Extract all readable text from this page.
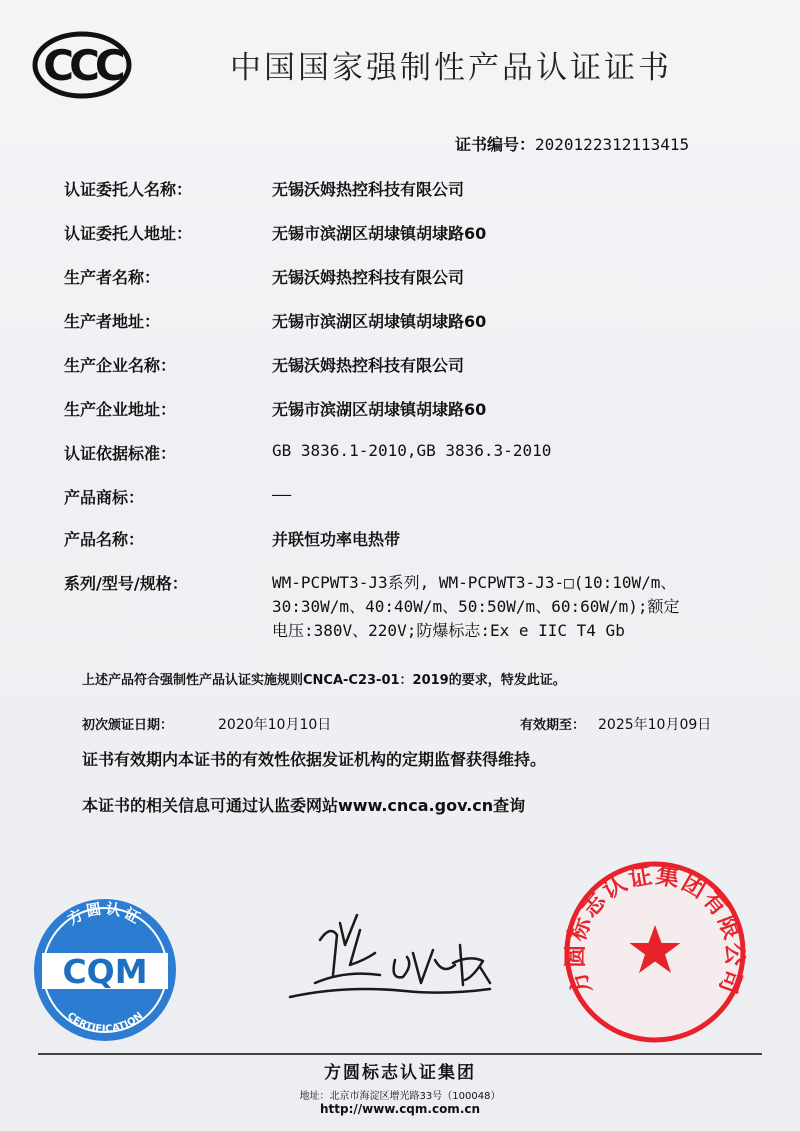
CCC	中国国家强制性产品认证证书
证书编号：2020122312113415
认证委托人名称：	无锡沃姆热控科技有限公司
认证委托人地址：	无锡市滨湖区胡埭镇胡埭路60
生产者名称：	无锡沃姆热控科技有限公司
生产者地址：	无锡市滨湖区胡埭镇胡埭路60
生产企业名称：	无锡沃姆热控科技有限公司
生产企业地址：	无锡市滨湖区胡埭镇胡埭路60
认证依据标准：	GB 3836.1-2010,GB 3836.3-2010
产品商标：	——
产品名称：	并联恒功率电热带
系列/型号/规格：	WM-PCPWT3-J3系列, WM-PCPWT3-J3-□(10:10W/m、
30:30W/m、40:40W/m、50:50W/m、60:60W/m);额定
电压:380V、220V;防爆标志:Ex e IIC T4 Gb
上述产品符合强制性产品认证实施规则CNCA-C23-01：2019的要求，特发此证。
初次颁证日期：	2020年10月10日	有效期至： 2025年10月09日
证书有效期内本证书的有效性依据发证机构的定期监督获得维持。
本证书的相关信息可通过认监委网站www.cnca.gov.cn查询
方圆认证
CQM
CERTIFICATION
方圆标志认证集团有限公司
方圆标志认证集团
地址：北京市海淀区增光路33号（100048）
http://www.cqm.com.cn
